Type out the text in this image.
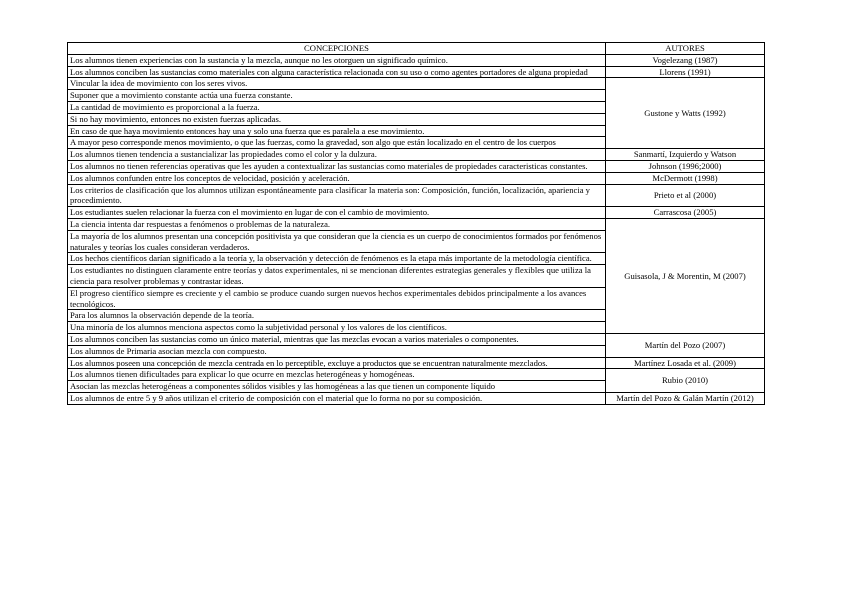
CONCEPCIONES	AUTORES
Los alumnos tienen experiencias con la sustancia y la mezcla, aunque no les otorguen un significado químico.	Vogelezang (1987)
Los alumnos conciben las sustancias como materiales con alguna característica relacionada con su uso o como agentes portadores de alguna propiedad	Llorens (1991)
Vincular la idea de movimiento con los seres vivos.	Gustone y Watts (1992)
Suponer que a movimiento constante actúa una fuerza constante.	
La cantidad de movimiento es proporcional a la fuerza.	
Si no hay movimiento, entonces no existen fuerzas aplicadas.	
En caso de que haya movimiento entonces hay una y solo una fuerza que es paralela a ese movimiento.	
A mayor peso corresponde menos movimiento, o que las fuerzas, como la gravedad, son algo que están localizado en el centro de los cuerpos	
Los alumnos tienen tendencia a sustancializar las propiedades como el color y la dulzura.	Sanmartí, Izquierdo y Watson
Los alumnos no tienen referencias operativas que les ayuden a contextualizar las sustancias como materiales de propiedades caracteristicas constantes.	Johnson (1996;2000)
Los alumnos confunden entre los conceptos de velocidad, posición y aceleración.	McDermott (1998)
Los criterios de clasificación que los alumnos utilizan espontáneamente para clasificar la materia son: Composición, función, localización, apariencia y procedimiento.	Prieto et al (2000)
Los estudiantes suelen relacionar la fuerza con el movimiento en lugar de con el cambio de movimiento.	Carrascosa (2005)
La ciencia intenta dar respuestas a fenómenos o problemas de la naturaleza.	Guisasola, J & Morentin, M (2007)
La mayoría de los alumnos presentan una concepción positivista ya que consideran que la ciencia es un cuerpo de conocimientos formados por fenómenos naturales y teorías los cuales consideran verdaderos.	
Los hechos científicos darían significado a la teoría y, la observación y detección de fenómenos es la etapa más importante de la metodología científica.	
Los estudiantes no distinguen claramente entre teorías y datos experimentales, ni se mencionan diferentes estrategias generales y flexibles que utiliza la ciencia para resolver problemas y contrastar ideas.	
El progreso científico siempre es creciente y el cambio se produce cuando surgen nuevos hechos experimentales debidos principalmente a los avances tecnológicos.	
Para los alumnos la observación depende de la teoría.	
Una minoría de los alumnos menciona aspectos como la subjetividad personal y los valores de los científicos.	
Los alumnos conciben las sustancias como un único material, mientras que las mezclas evocan a varios materiales o componentes.	Martín del Pozo (2007)
Los alumnos de Primaria asocian mezcla con compuesto.	
Los alumnos poseen una concepción de mezcla centrada en lo perceptible, excluye a productos que se encuentran naturalmente mezclados.	Martínez Losada et al. (2009)
Los alumnos tienen dificultades para explicar lo que ocurre en mezclas heterogéneas y homogéneas.	Rubio (2010)
Asocian las mezclas heterogéneas a componentes sólidos visibles y las homogéneas a las que tienen un componente líquido	
Los alumnos de entre 5 y 9 años utilizan el criterio de composición con el material que lo forma no por su composición.	Martín del Pozo & Galán Martín (2012)
